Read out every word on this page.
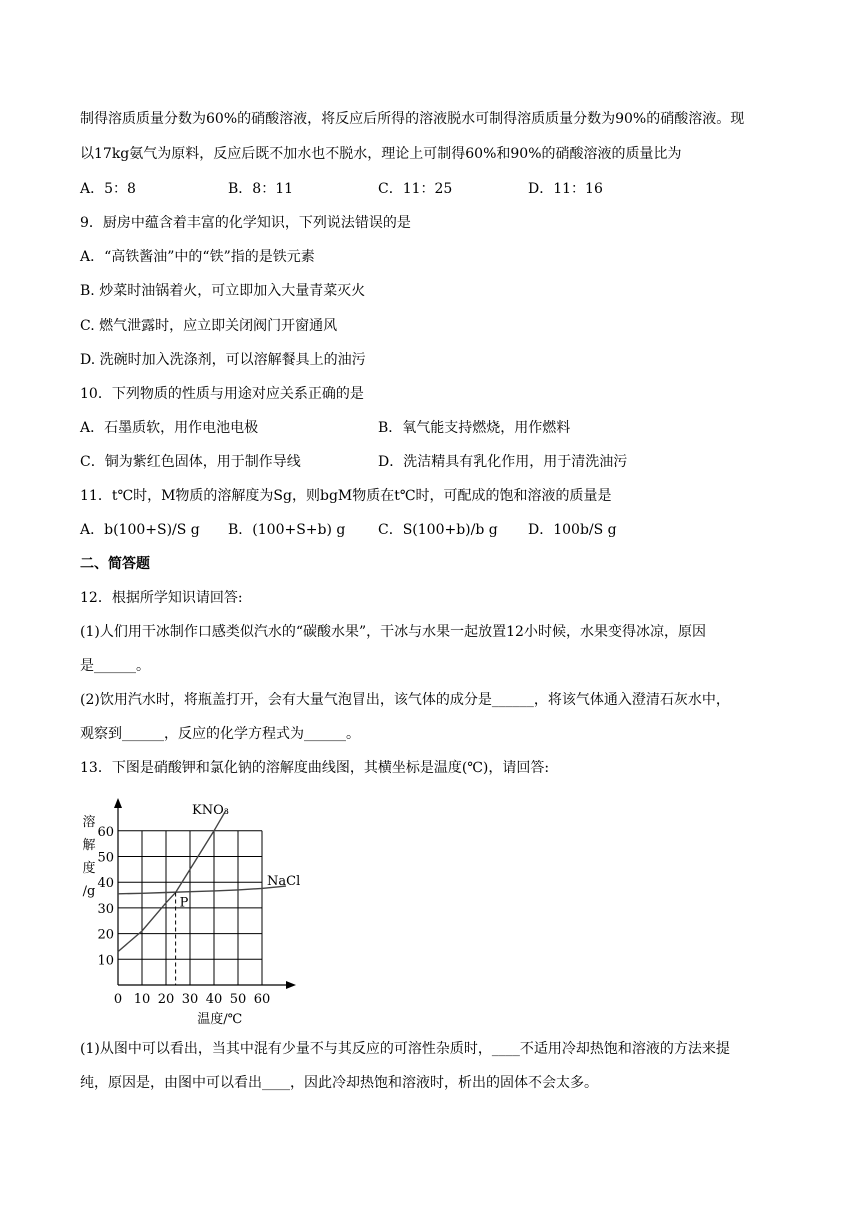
制得溶质质量分数为60%的硝酸溶液，将反应后所得的溶液脱水可制得溶质质量分数为90%的硝酸溶液。现
以17kg氨气为原料，反应后既不加水也不脱水，理论上可制得60%和90%的硝酸溶液的质量比为
A．5：8	B．8：11	C．11：25	D．11：16
9．厨房中蕴含着丰富的化学知识，下列说法错误的是
A．“高铁酱油”中的“铁”指的是铁元素
B. 炒菜时油锅着火，可立即加入大量青菜灭火
C. 燃气泄露时，应立即关闭阀门开窗通风
D. 洗碗时加入洗涤剂，可以溶解餐具上的油污
10．下列物质的性质与用途对应关系正确的是
A．石墨质软，用作电池电极	B．氧气能支持燃烧，用作燃料
C．铜为紫红色固体，用于制作导线	D．洗洁精具有乳化作用，用于清洗油污
11．t℃时，M物质的溶解度为Sg，则bgM物质在t℃时，可配成的饱和溶液的质量是
A．b(100+S)/S g B．(100+S+b) g C．S(100+b)/b g D．100b/S g
二、简答题
12．根据所学知识请回答:
(1)人们用干冰制作口感类似汽水的“碳酸水果”，干冰与水果一起放置12小时候，水果变得冰凉，原因
是______。
(2)饮用汽水时，将瓶盖打开，会有大量气泡冒出，该气体的成分是______，将该气体通入澄清石灰水中，
观察到______，反应的化学方程式为______。
13．下图是硝酸钾和氯化钠的溶解度曲线图，其横坐标是温度(℃)，请回答:
0 10 20 30 40 50 60
10
20
30
40
50
60
KNO₃
NaCl
P
溶
解
度
/g
温度/℃
(1)从图中可以看出，当其中混有少量不与其反应的可溶性杂质时，____不适用冷却热饱和溶液的方法来提
纯，原因是，由图中可以看出____，因此冷却热饱和溶液时，析出的固体不会太多。
